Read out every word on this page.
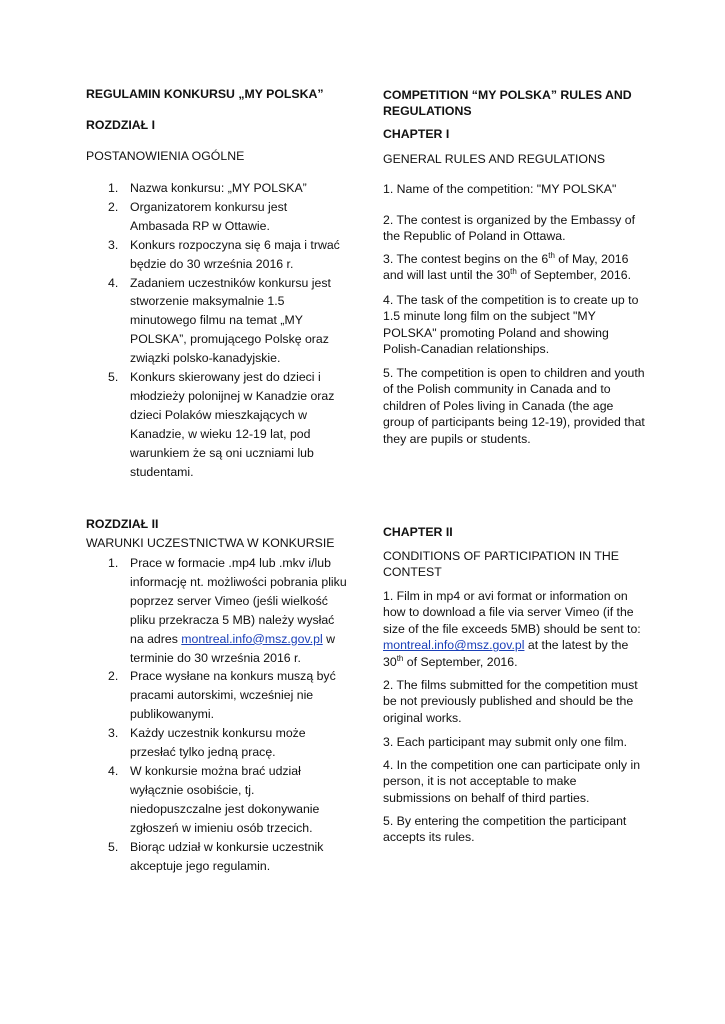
REGULAMIN KONKURSU „MY POLSKA”
ROZDZIAŁ I
POSTANOWIENIA OGÓLNE
1. Nazwa konkursu: „MY POLSKA”
2. Organizatorem konkursu jest Ambasada RP w Ottawie.
3. Konkurs rozpoczyna się 6 maja i trwać będzie do 30 września 2016 r.
4. Zadaniem uczestników konkursu jest stworzenie maksymalnie 1.5 minutowego filmu na temat „MY POLSKA”, promującego Polskę oraz związki polsko-kanadyjskie.
5. Konkurs skierowany jest do dzieci i młodzieży polonijnej w Kanadzie oraz dzieci Polaków mieszkających w Kanadzie, w wieku 12-19 lat, pod warunkiem że są oni uczniami lub studentami.
ROZDZIAŁ II
WARUNKI UCZESTNICTWA W KONKURSIE
1. Prace w formacie .mp4 lub .mkv i/lub informację nt. możliwości pobrania pliku poprzez server Vimeo (jeśli wielkość pliku przekracza 5 MB) należy wysłać na adres montreal.info@msz.gov.pl w terminie do 30 września 2016 r.
2. Prace wysłane na konkurs muszą być pracami autorskimi, wcześniej nie publikowanymi.
3. Każdy uczestnik konkursu może przesłać tylko jedną pracę.
4. W konkursie można brać udział wyłącznie osobiście, tj. niedopuszczalne jest dokonywanie zgłoszeń w imieniu osób trzecich.
5. Biorąc udział w konkursie uczestnik akceptuje jego regulamin.
COMPETITION “MY POLSKA” RULES AND REGULATIONS
CHAPTER I
GENERAL RULES AND REGULATIONS
1. Name of the competition: "MY POLSKA"
2. The contest is organized by the Embassy of the Republic of Poland in Ottawa.
3. The contest begins on the 6th of May, 2016 and will last until the 30th of September, 2016.
4. The task of the competition is to create up to 1.5 minute long film on the subject "MY POLSKA" promoting Poland and showing Polish-Canadian relationships.
5. The competition is open to children and youth of the Polish community in Canada and to children of Poles living in Canada (the age group of participants being 12-19), provided that they are pupils or students.
CHAPTER II
CONDITIONS OF PARTICIPATION IN THE CONTEST
1. Film in mp4 or avi format or information on how to download a file via server Vimeo (if the size of the file exceeds 5MB) should be sent to: montreal.info@msz.gov.pl at the latest by the 30th of September, 2016.
2. The films submitted for the competition must be not previously published and should be the original works.
3. Each participant may submit only one film.
4. In the competition one can participate only in person, it is not acceptable to make submissions on behalf of third parties.
5. By entering the competition the participant accepts its rules.
